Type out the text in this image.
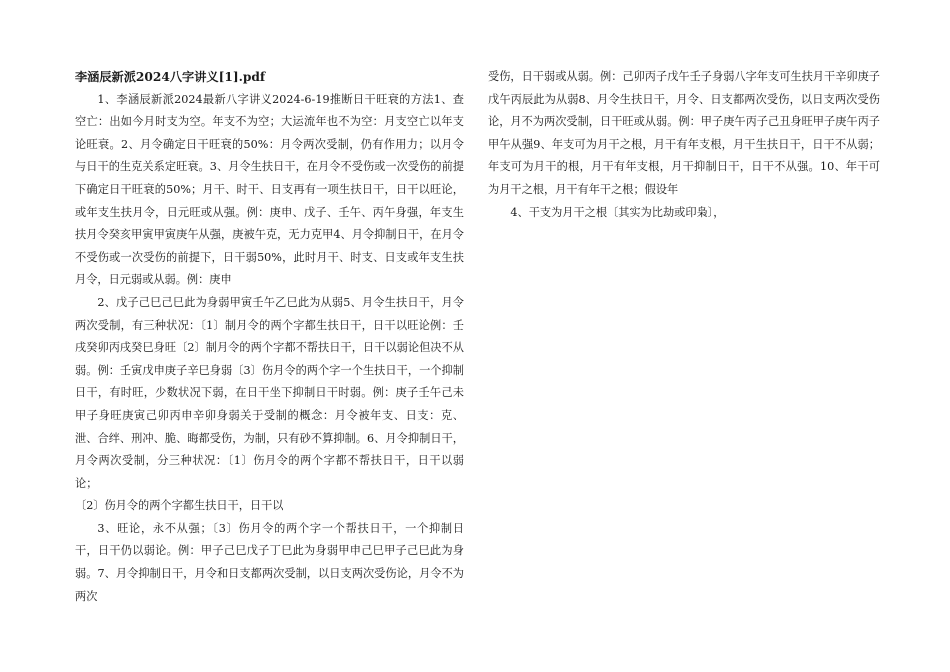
李涵辰新派2024八字讲义[1].pdf

1、李涵辰新派2024最新八字讲义2024-6-19推断日干旺衰的方法1、查空亡：出如今月时支为空。年支不为空；大运流年也不为空：月支空亡以年支论旺衰。2、月令确定日干旺衰的50%：月令两次受制，仍有作用力；以月令与日干的生克关系定旺衰。3、月令生扶日干，在月令不受伤或一次受伤的前提下确定日干旺衰的50%；月干、时干、日支再有一项生扶日干，日干以旺论，或年支生扶月令，日元旺或从强。例：庚申、戊子、壬午、丙午身强，年支生扶月令癸亥甲寅甲寅庚午从强，庚被午克，无力克甲4、月令抑制日干，在月令不受伤或一次受伤的前提下，日干弱50%，此时月干、时支、日支或年支生扶月令，日元弱或从弱。例：庚申

2、戊子己巳己巳此为身弱甲寅壬午乙巳此为从弱5、月令生扶日干，月令两次受制，有三种状况：〔1〕制月令的两个字都生扶日干，日干以旺论例：壬戌癸卯丙戌癸巳身旺〔2〕制月令的两个字都不帮扶日干，日干以弱论但决不从弱。例：壬寅戊申庚子辛巳身弱〔3〕伤月令的两个字一个生扶日干，一个抑制日干，有时旺，少数状况下弱，在日干坐下抑制日干时弱。例：庚子壬午己未甲子身旺庚寅己卯丙申辛卯身弱关于受制的概念：月令被年支、日支：克、泄、合绊、刑冲、脆、晦都受伤，为制，只有砂不算抑制。6、月令抑制日干，月令两次受制，分三种状况：〔1〕伤月令的两个字都不帮扶日干，日干以弱论；

〔2〕伤月令的两个字都生扶日干，日干以

3、旺论，永不从强；〔3〕伤月令的两个字一个帮扶日干，一个抑制日干，日干仍以弱论。例：甲子己巳戊子丁巳此为身弱甲申己巳甲子己巳此为身弱。7、月令抑制日干，月令和日支都两次受制，以日支两次受伤论，月令不为两次

受伤，日干弱或从弱。例：己卯丙子戊午壬子身弱八字年支可生扶月干辛卯庚子戊午丙辰此为从弱8、月令生扶日干，月令、日支都两次受伤，以日支两次受伤论，月不为两次受制，日干旺或从弱。例：甲子庚午丙子己丑身旺甲子庚午丙子甲午从强9、年支可为月干之根，月干有年支根，月干生扶日干，日干不从弱；年支可为月干的根，月干有年支根，月干抑制日干，日干不从强。10、年干可为月干之根，月干有年干之根；假设年

4、干支为月干之根〔其实为比劫或印枭〕，
